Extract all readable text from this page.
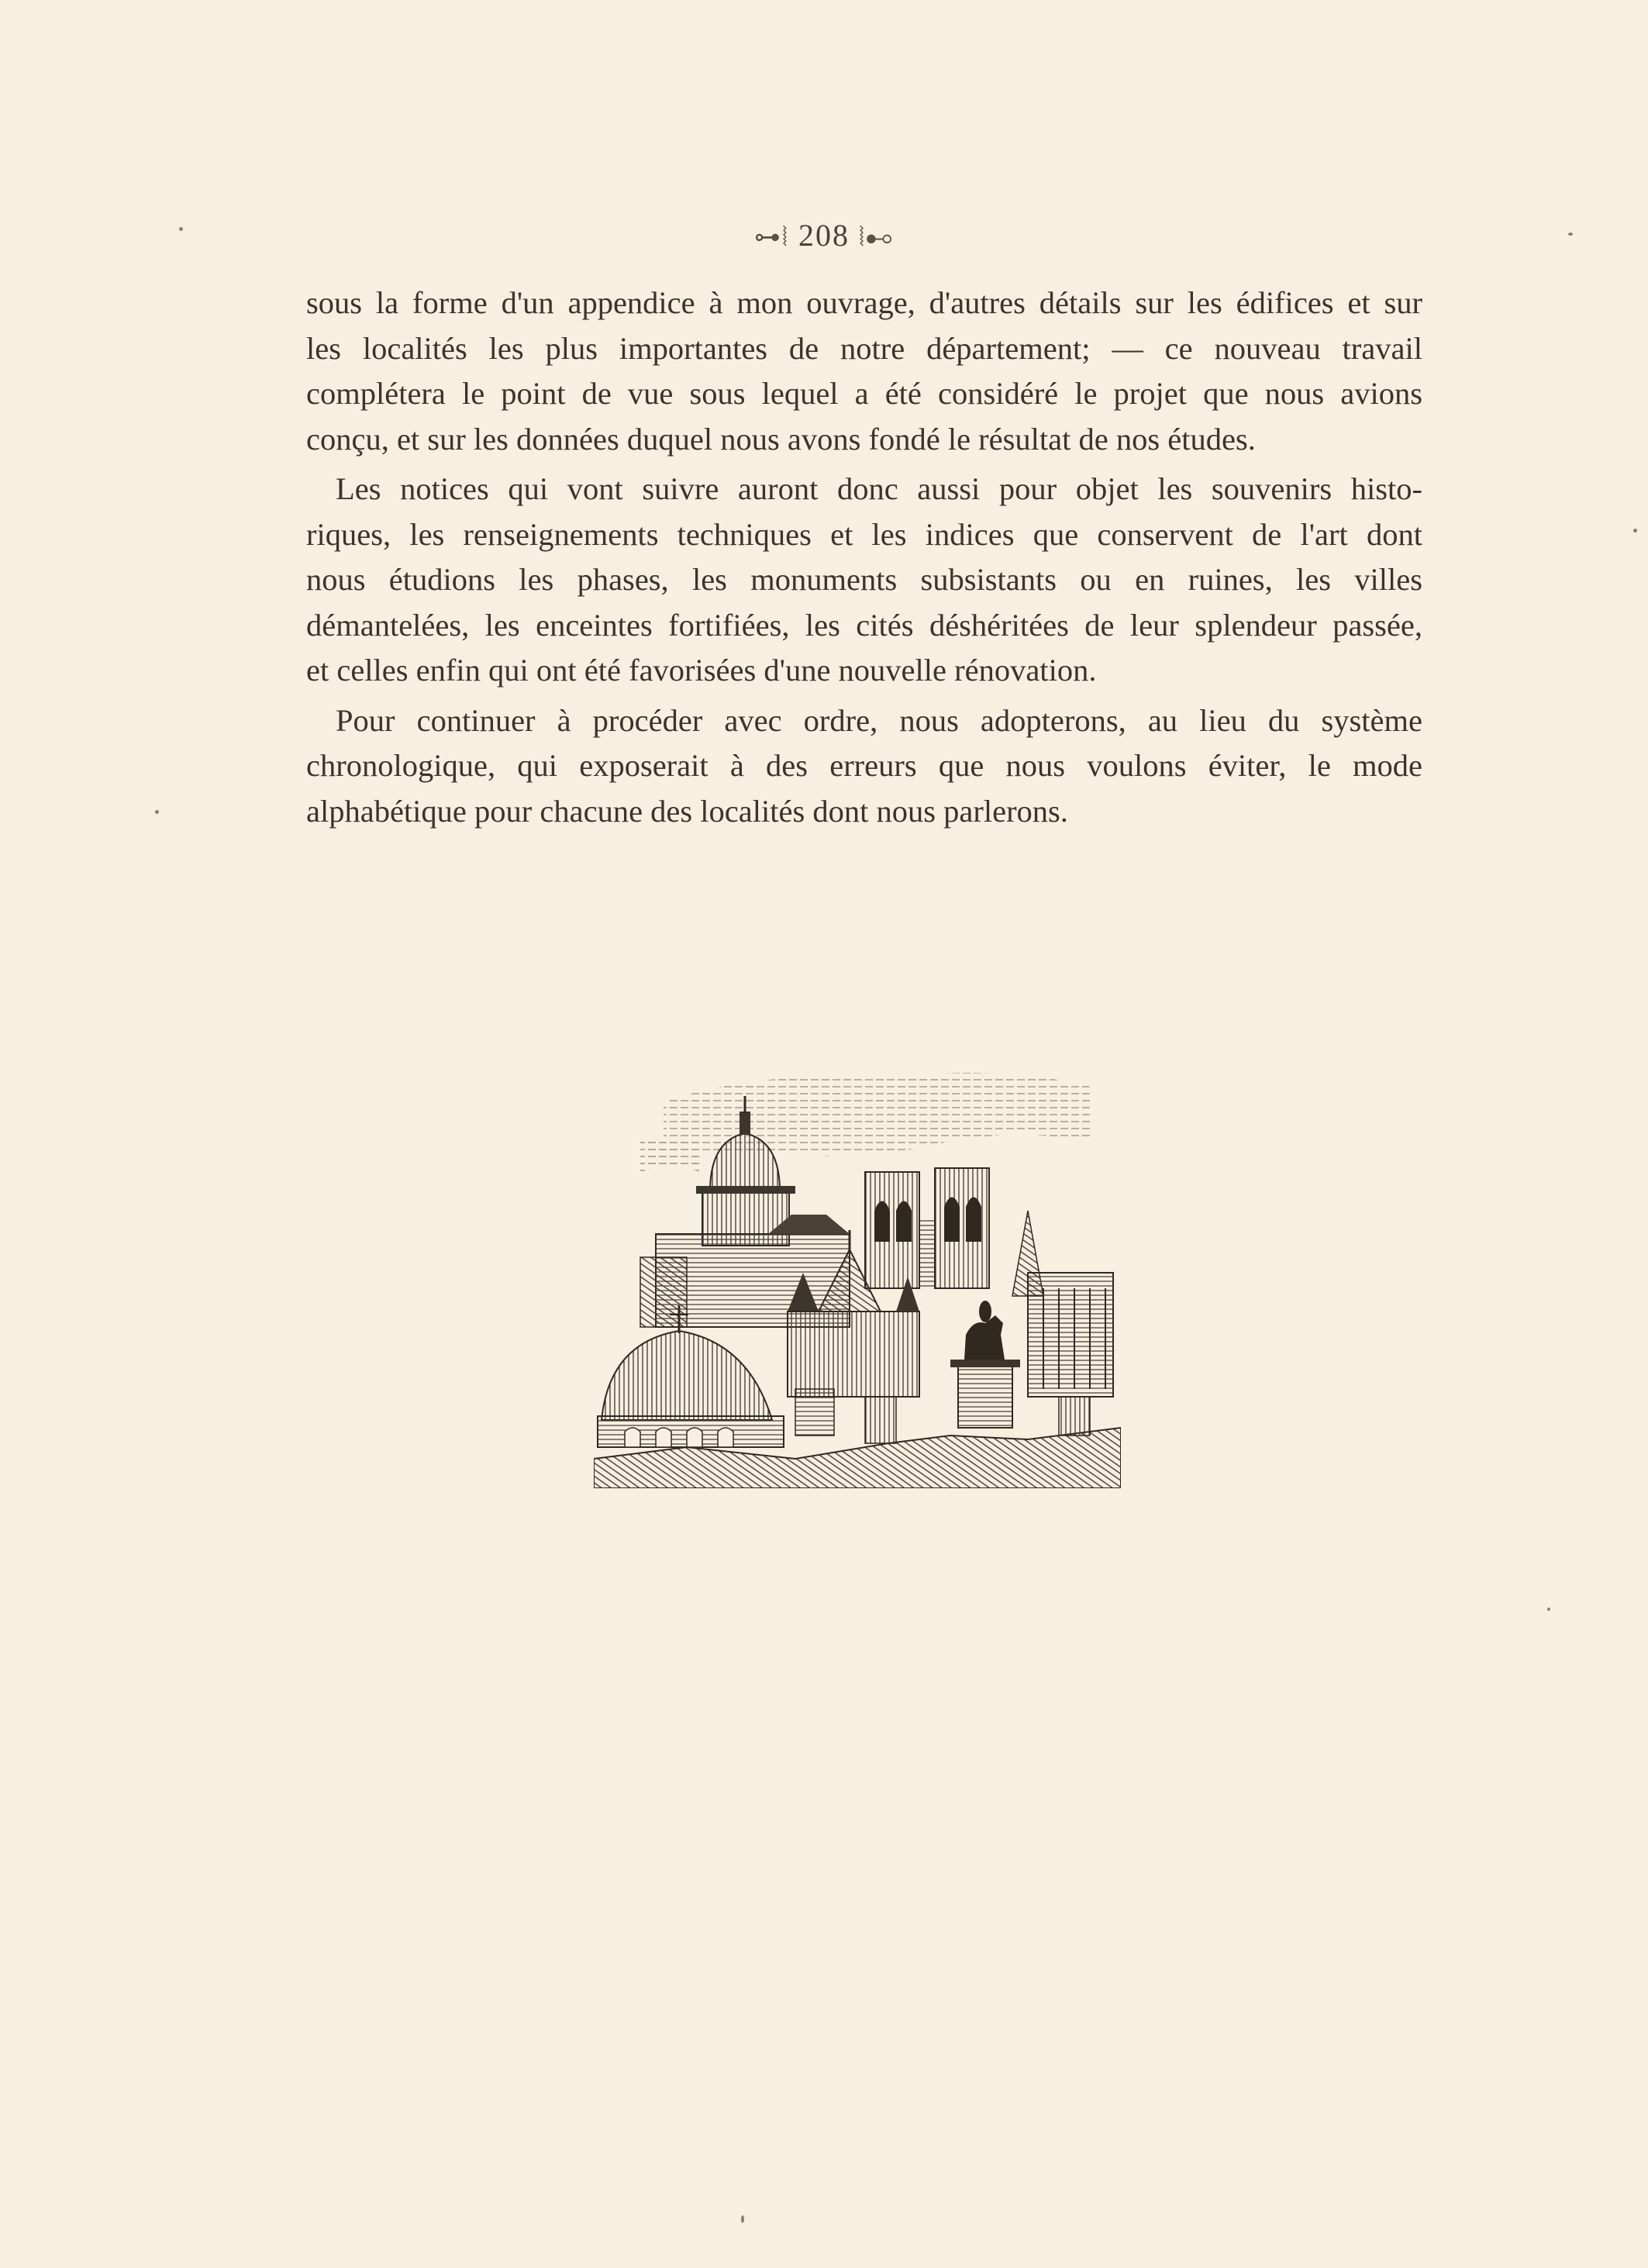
⊶⦚ 208 ⦚⊷
sous la forme d'un appendice à mon ouvrage, d'autres détails sur les édifices et sur
les localités les plus importantes de notre département; — ce nouveau travail
complétera le point de vue sous lequel a été considéré le projet que nous avions
conçu, et sur les données duquel nous avons fondé le résultat de nos études.
Les notices qui vont suivre auront donc aussi pour objet les souvenirs histo-
riques, les renseignements techniques et les indices que conservent de l'art dont
nous étudions les phases, les monuments subsistants ou en ruines, les villes
démantelées, les enceintes fortifiées, les cités déshéritées de leur splendeur passée,
et celles enfin qui ont été favorisées d'une nouvelle rénovation.
Pour continuer à procéder avec ordre, nous adopterons, au lieu du système
chronologique, qui exposerait à des erreurs que nous voulons éviter, le mode
alphabétique pour chacune des localités dont nous parlerons.
